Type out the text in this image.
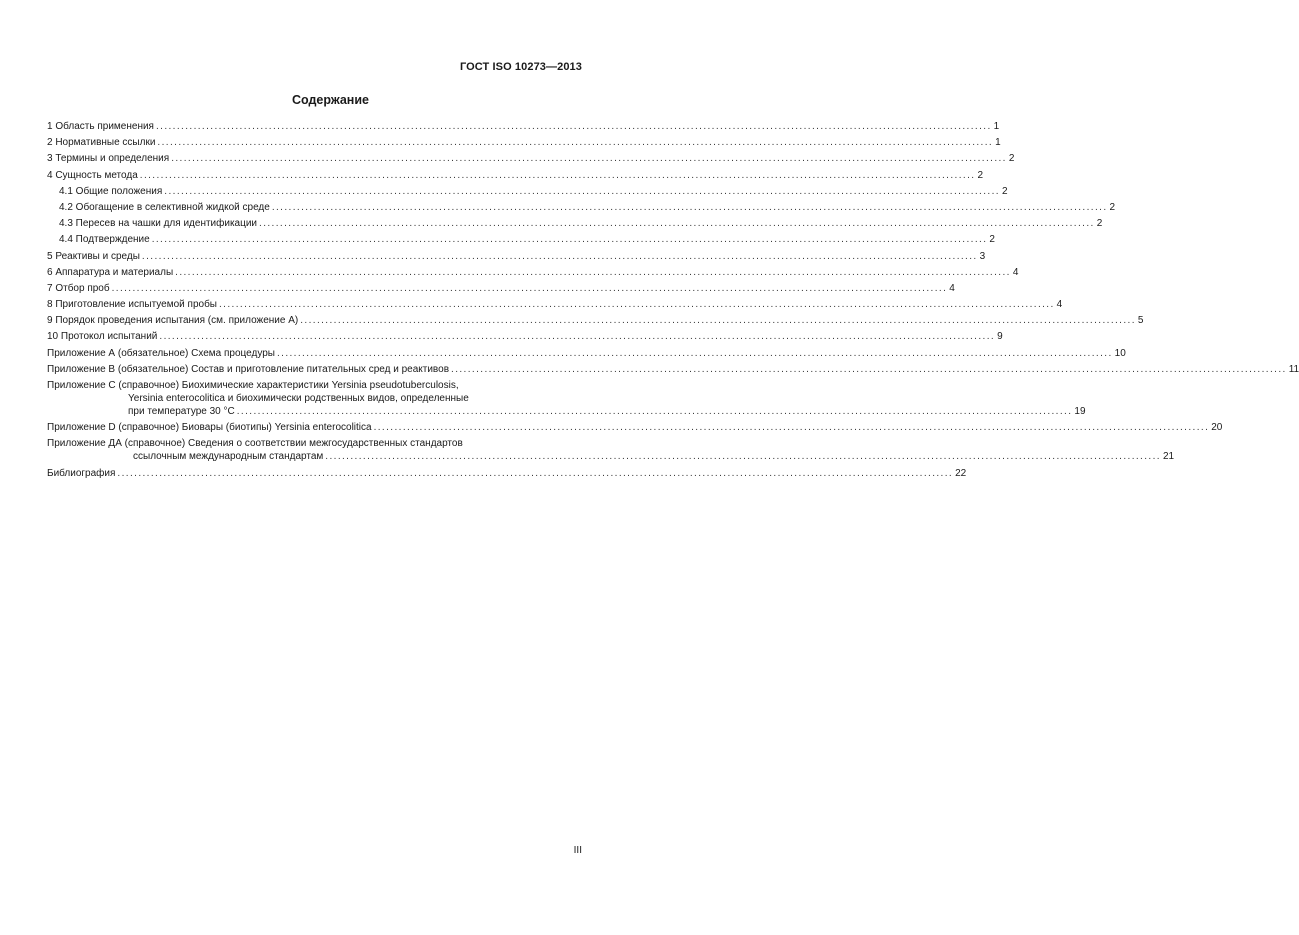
ГОСТ ISO 10273—2013
Содержание
1 Область применения ........................................................................................................................................................................................................ 1
2 Нормативные ссылки ........................................................................................................................................................................................................ 1
3 Термины и определения ........................................................................................................................................................................................................ 2
4 Сущность метода ........................................................................................................................................................................................................ 2
4.1 Общие положения ........................................................................................................................................................................................................ 2
4.2 Обогащение в селективной жидкой среде ........................................................................................................................................................................................................ 2
4.3 Пересев на чашки для идентификации ........................................................................................................................................................................................................ 2
4.4 Подтверждение ........................................................................................................................................................................................................ 2
5 Реактивы и среды ........................................................................................................................................................................................................ 3
6 Аппаратура и материалы ........................................................................................................................................................................................................ 4
7 Отбор проб ........................................................................................................................................................................................................ 4
8 Приготовление испытуемой пробы ........................................................................................................................................................................................................ 4
9 Порядок проведения испытания (см. приложение А) ........................................................................................................................................................................................................ 5
10 Протокол испытаний ........................................................................................................................................................................................................ 9
Приложение А (обязательное) Схема процедуры ........................................................................................................................................................................................................ 10
Приложение В (обязательное) Состав и приготовление питательных сред и реактивов ........................................................................................................................................................................................................ 11
Приложение С (справочное) Биохимические характеристики Yersinia pseudotuberculosis,
Yersinia enterocolitica и биохимически родственных видов, определенные
при температуре 30 °С ........................................................................................................................................................................................................ 19
Приложение D (справочное) Биовары (биотипы) Yersinia enterocolitica ........................................................................................................................................................................................................ 20
Приложение ДА (справочное) Сведения о соответствии межгосударственных стандартов
ссылочным международным стандартам ........................................................................................................................................................................................................ 21
Библиография ........................................................................................................................................................................................................ 22
III
